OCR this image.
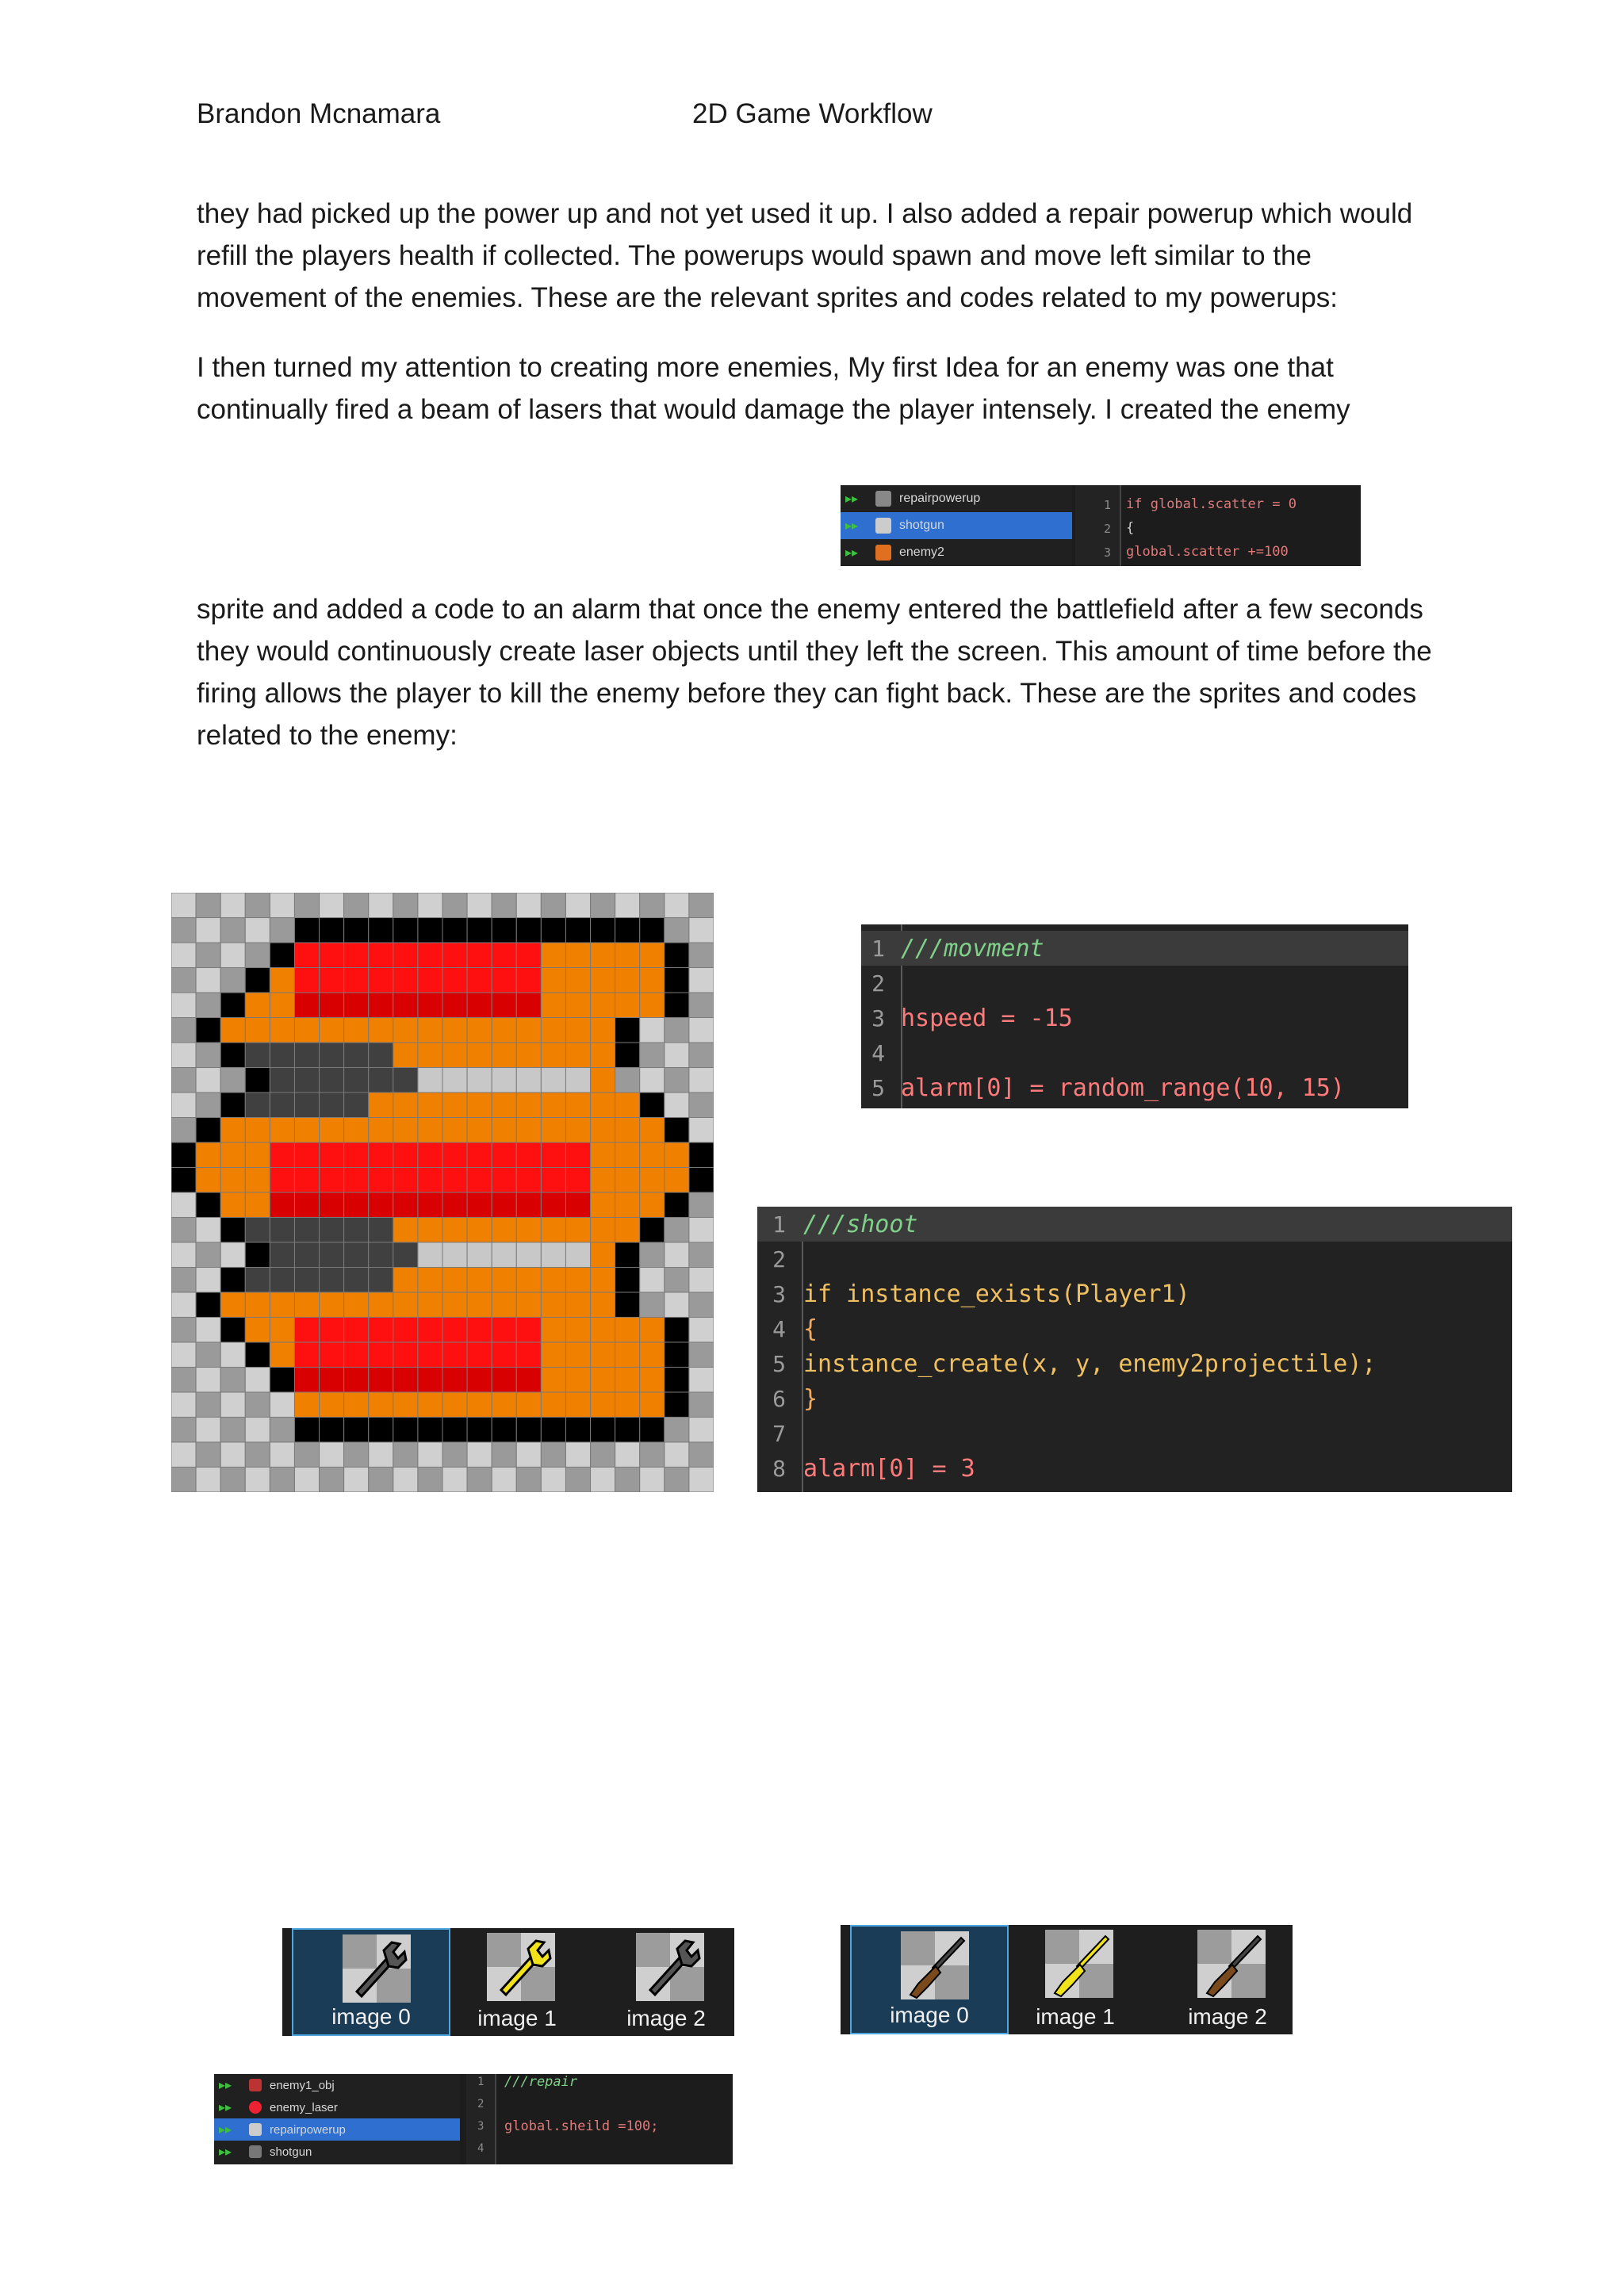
Brandon Mcnamara	2D Game Workflow

they had picked up the power up and not yet used it up. I also added a repair powerup which would refill the players health if collected. The powerups would spawn and move left similar to the movement of the enemies. These are the relevant sprites and codes related to my powerups:

I then turned my attention to creating more enemies, My first Idea for an enemy was one that continually fired a beam of lasers that would damage the player intensely. I created the enemy

sprite and added a code to an alarm that once the enemy entered the battlefield after a few seconds they would continuously create laser objects until they left the screen. This amount of time before the firing allows the player to kill the enemy before they can fight back. These are the sprites and codes related to the enemy:

▸▸	repairpowerup
▸▸	shotgun
▸▸	enemy2
1
2
3
if global.scatter = 0
{
global.scatter +=100
1 ///movment
2
3 hspeed = -15
4
5 alarm[0] = random_range(10, 15)
1 ///shoot
2
3 if instance_exists(Player1)
4 {
5 instance_create(x, y, enemy2projectile);
6 }
7
8 alarm[0] = 3
image 0	image 1	image 2	image 0	image 1	image 2
▸▸	enemy1_obj
▸▸	enemy_laser
▸▸	repairpowerup
▸▸	shotgun
1
2
3
4
///repair
global.sheild =100;
